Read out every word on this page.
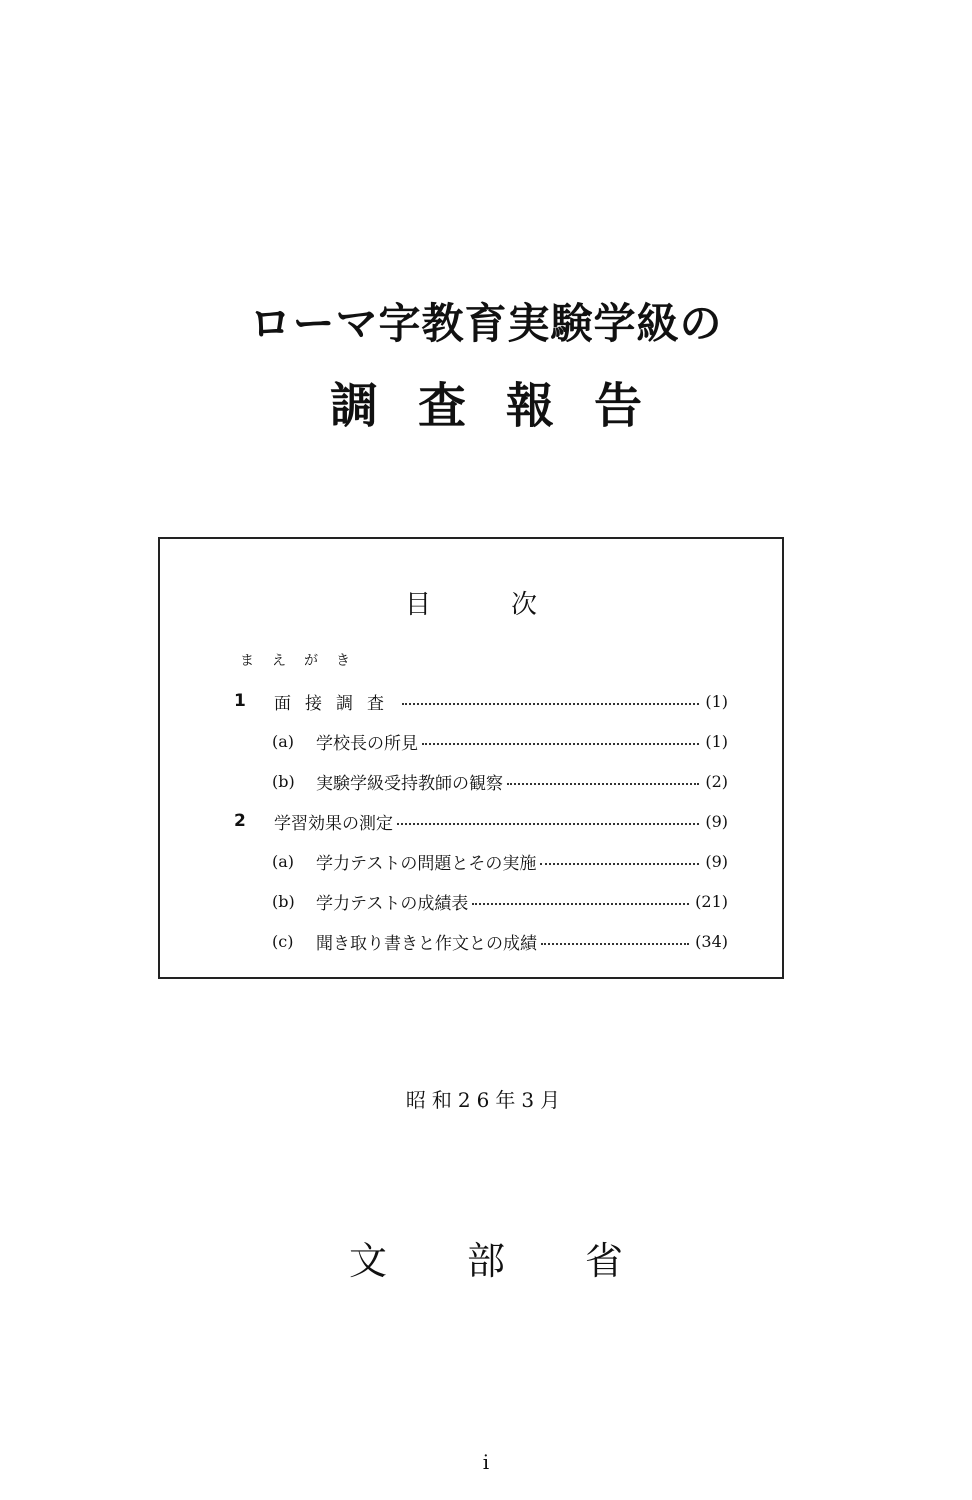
ローマ字教育実験学級の
調査報告
目次
まえがき
1	面接調査	(1)
(a)	学校長の所見	(1)
(b)	実験学級受持教師の観察	(2)
2	学習効果の測定	(9)
(a)	学力テストの問題とその実施	(9)
(b)	学力テストの成績表	(21)
(c)	聞き取り書きと作文との成績	(34)
昭和26年3月
文部省
i
